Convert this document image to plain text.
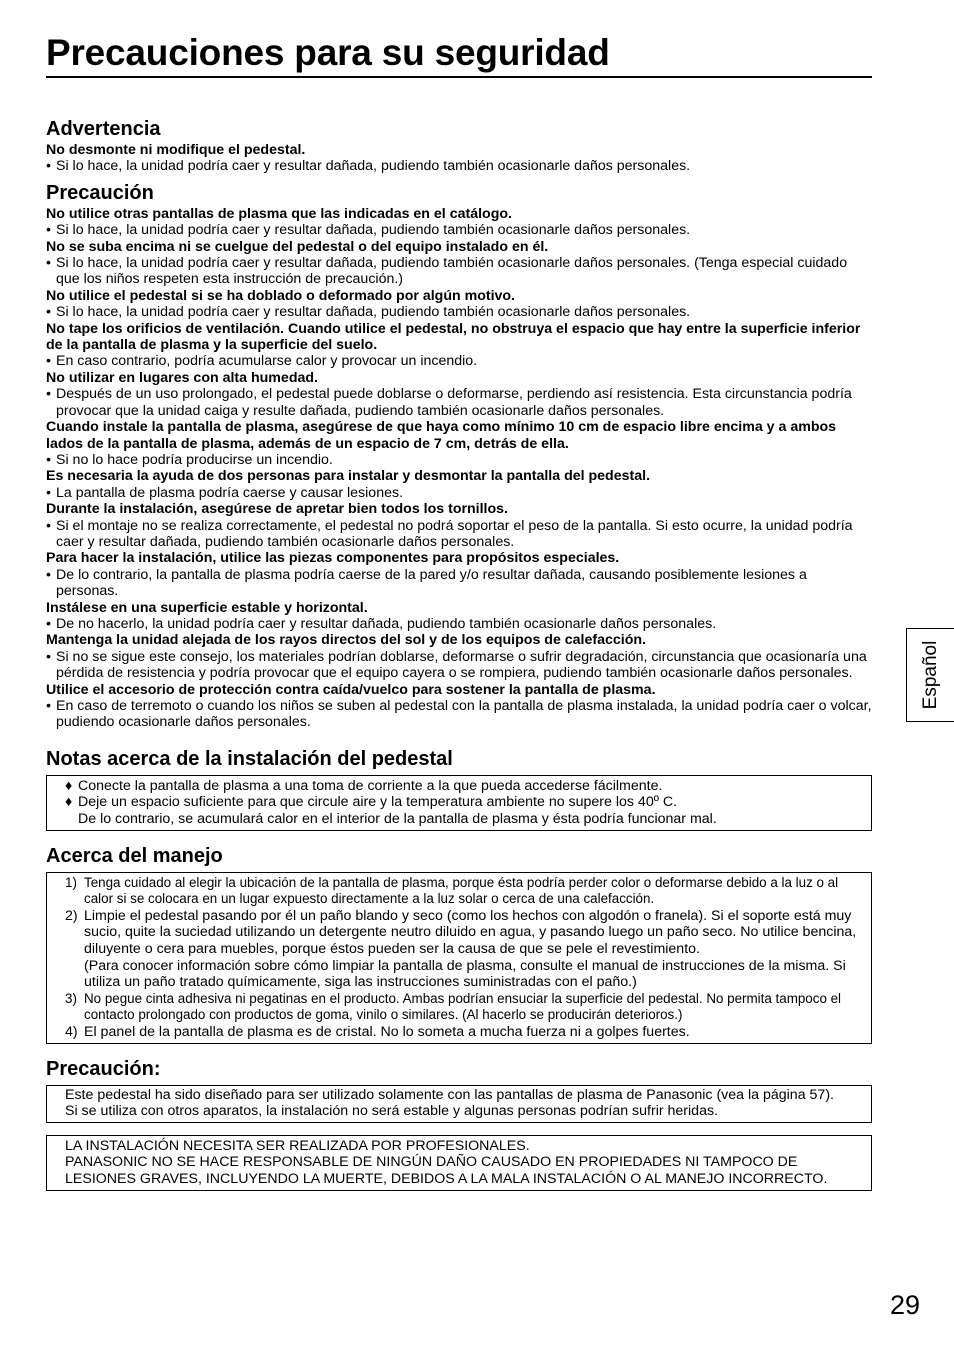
Precauciones para su seguridad
Advertencia
No desmonte ni modifique el pedestal.
• Si lo hace, la unidad podría caer y resultar dañada, pudiendo también ocasionarle daños personales.
Precaución
No utilice otras pantallas de plasma que las indicadas en el catálogo.
• Si lo hace, la unidad podría caer y resultar dañada, pudiendo también ocasionarle daños personales.
No se suba encima ni se cuelgue del pedestal o del equipo instalado en él.
• Si lo hace, la unidad podría caer y resultar dañada, pudiendo también ocasionarle daños personales. (Tenga especial cuidado que los niños respeten esta instrucción de precaución.)
No utilice el pedestal si se ha doblado o deformado por algún motivo.
• Si lo hace, la unidad podría caer y resultar dañada, pudiendo también ocasionarle daños personales.
No tape los orificios de ventilación. Cuando utilice el pedestal, no obstruya el espacio que hay entre la superficie inferior de la pantalla de plasma y la superficie del suelo.
• En caso contrario, podría acumularse calor y provocar un incendio.
No utilizar en lugares con alta humedad.
• Después de un uso prolongado, el pedestal puede doblarse o deformarse, perdiendo así resistencia. Esta circunstancia podría provocar que la unidad caiga y resulte dañada, pudiendo también ocasionarle daños personales.
Cuando instale la pantalla de plasma, asegúrese de que haya como mínimo 10 cm de espacio libre encima y a ambos lados de la pantalla de plasma, además de un espacio de 7 cm, detrás de ella.
• Si no lo hace podría producirse un incendio.
Es necesaria la ayuda de dos personas para instalar y desmontar la pantalla del pedestal.
• La pantalla de plasma podría caerse y causar lesiones.
Durante la instalación, asegúrese de apretar bien todos los tornillos.
• Si el montaje no se realiza correctamente, el pedestal no podrá soportar el peso de la pantalla. Si esto ocurre, la unidad podría caer y resultar dañada, pudiendo también ocasionarle daños personales.
Para hacer la instalación, utilice las piezas componentes para propósitos especiales.
• De lo contrario, la pantalla de plasma podría caerse de la pared y/o resultar dañada, causando posiblemente lesiones a personas.
Instálese en una superficie estable y horizontal.
• De no hacerlo, la unidad podría caer y resultar dañada, pudiendo también ocasionarle daños personales.
Mantenga la unidad alejada de los rayos directos del sol y de los equipos de calefacción.
• Si no se sigue este consejo, los materiales podrían doblarse, deformarse o sufrir degradación, circunstancia que ocasionaría una pérdida de resistencia y podría provocar que el equipo cayera o se rompiera, pudiendo también ocasionarle daños personales.
Utilice el accesorio de protección contra caída/vuelco para sostener la pantalla de plasma.
• En caso de terremoto o cuando los niños se suben al pedestal con la pantalla de plasma instalada, la unidad podría caer o volcar, pudiendo ocasionarle daños personales.
Notas acerca de la instalación del pedestal
♦ Conecte la pantalla de plasma a una toma de corriente a la que pueda accederse fácilmente.
♦ Deje un espacio suficiente para que circule aire y la temperatura ambiente no supere los 40º C.
De lo contrario, se acumulará calor en el interior de la pantalla de plasma y ésta podría funcionar mal.
Acerca del manejo
1) Tenga cuidado al elegir la ubicación de la pantalla de plasma, porque ésta podría perder color o deformarse debido a la luz o al calor si se colocara en un lugar expuesto directamente a la luz solar o cerca de una calefacción.
2) Limpie el pedestal pasando por él un paño blando y seco (como los hechos con algodón o franela). Si el soporte está muy sucio, quite la suciedad utilizando un detergente neutro diluido en agua, y pasando luego un paño seco. No utilice bencina, diluyente o cera para muebles, porque éstos pueden ser la causa de que se pele el revestimiento.
(Para conocer información sobre cómo limpiar la pantalla de plasma, consulte el manual de instrucciones de la misma. Si utiliza un paño tratado químicamente, siga las instrucciones suministradas con el paño.)
3) No pegue cinta adhesiva ni pegatinas en el producto. Ambas podrían ensuciar la superficie del pedestal. No permita tampoco el contacto prolongado con productos de goma, vinilo o similares. (Al hacerlo se producirán deterioros.)
4) El panel de la pantalla de plasma es de cristal. No lo someta a mucha fuerza ni a golpes fuertes.
Precaución:
Este pedestal ha sido diseñado para ser utilizado solamente con las pantallas de plasma de Panasonic (vea la página 57).
Si se utiliza con otros aparatos, la instalación no será estable y algunas personas podrían sufrir heridas.
LA INSTALACIÓN NECESITA SER REALIZADA POR PROFESIONALES.
PANASONIC NO SE HACE RESPONSABLE DE NINGÚN DAÑO CAUSADO EN PROPIEDADES NI TAMPOCO DE LESIONES GRAVES, INCLUYENDO LA MUERTE, DEBIDOS A LA MALA INSTALACIÓN O AL MANEJO INCORRECTO.
Español
29
